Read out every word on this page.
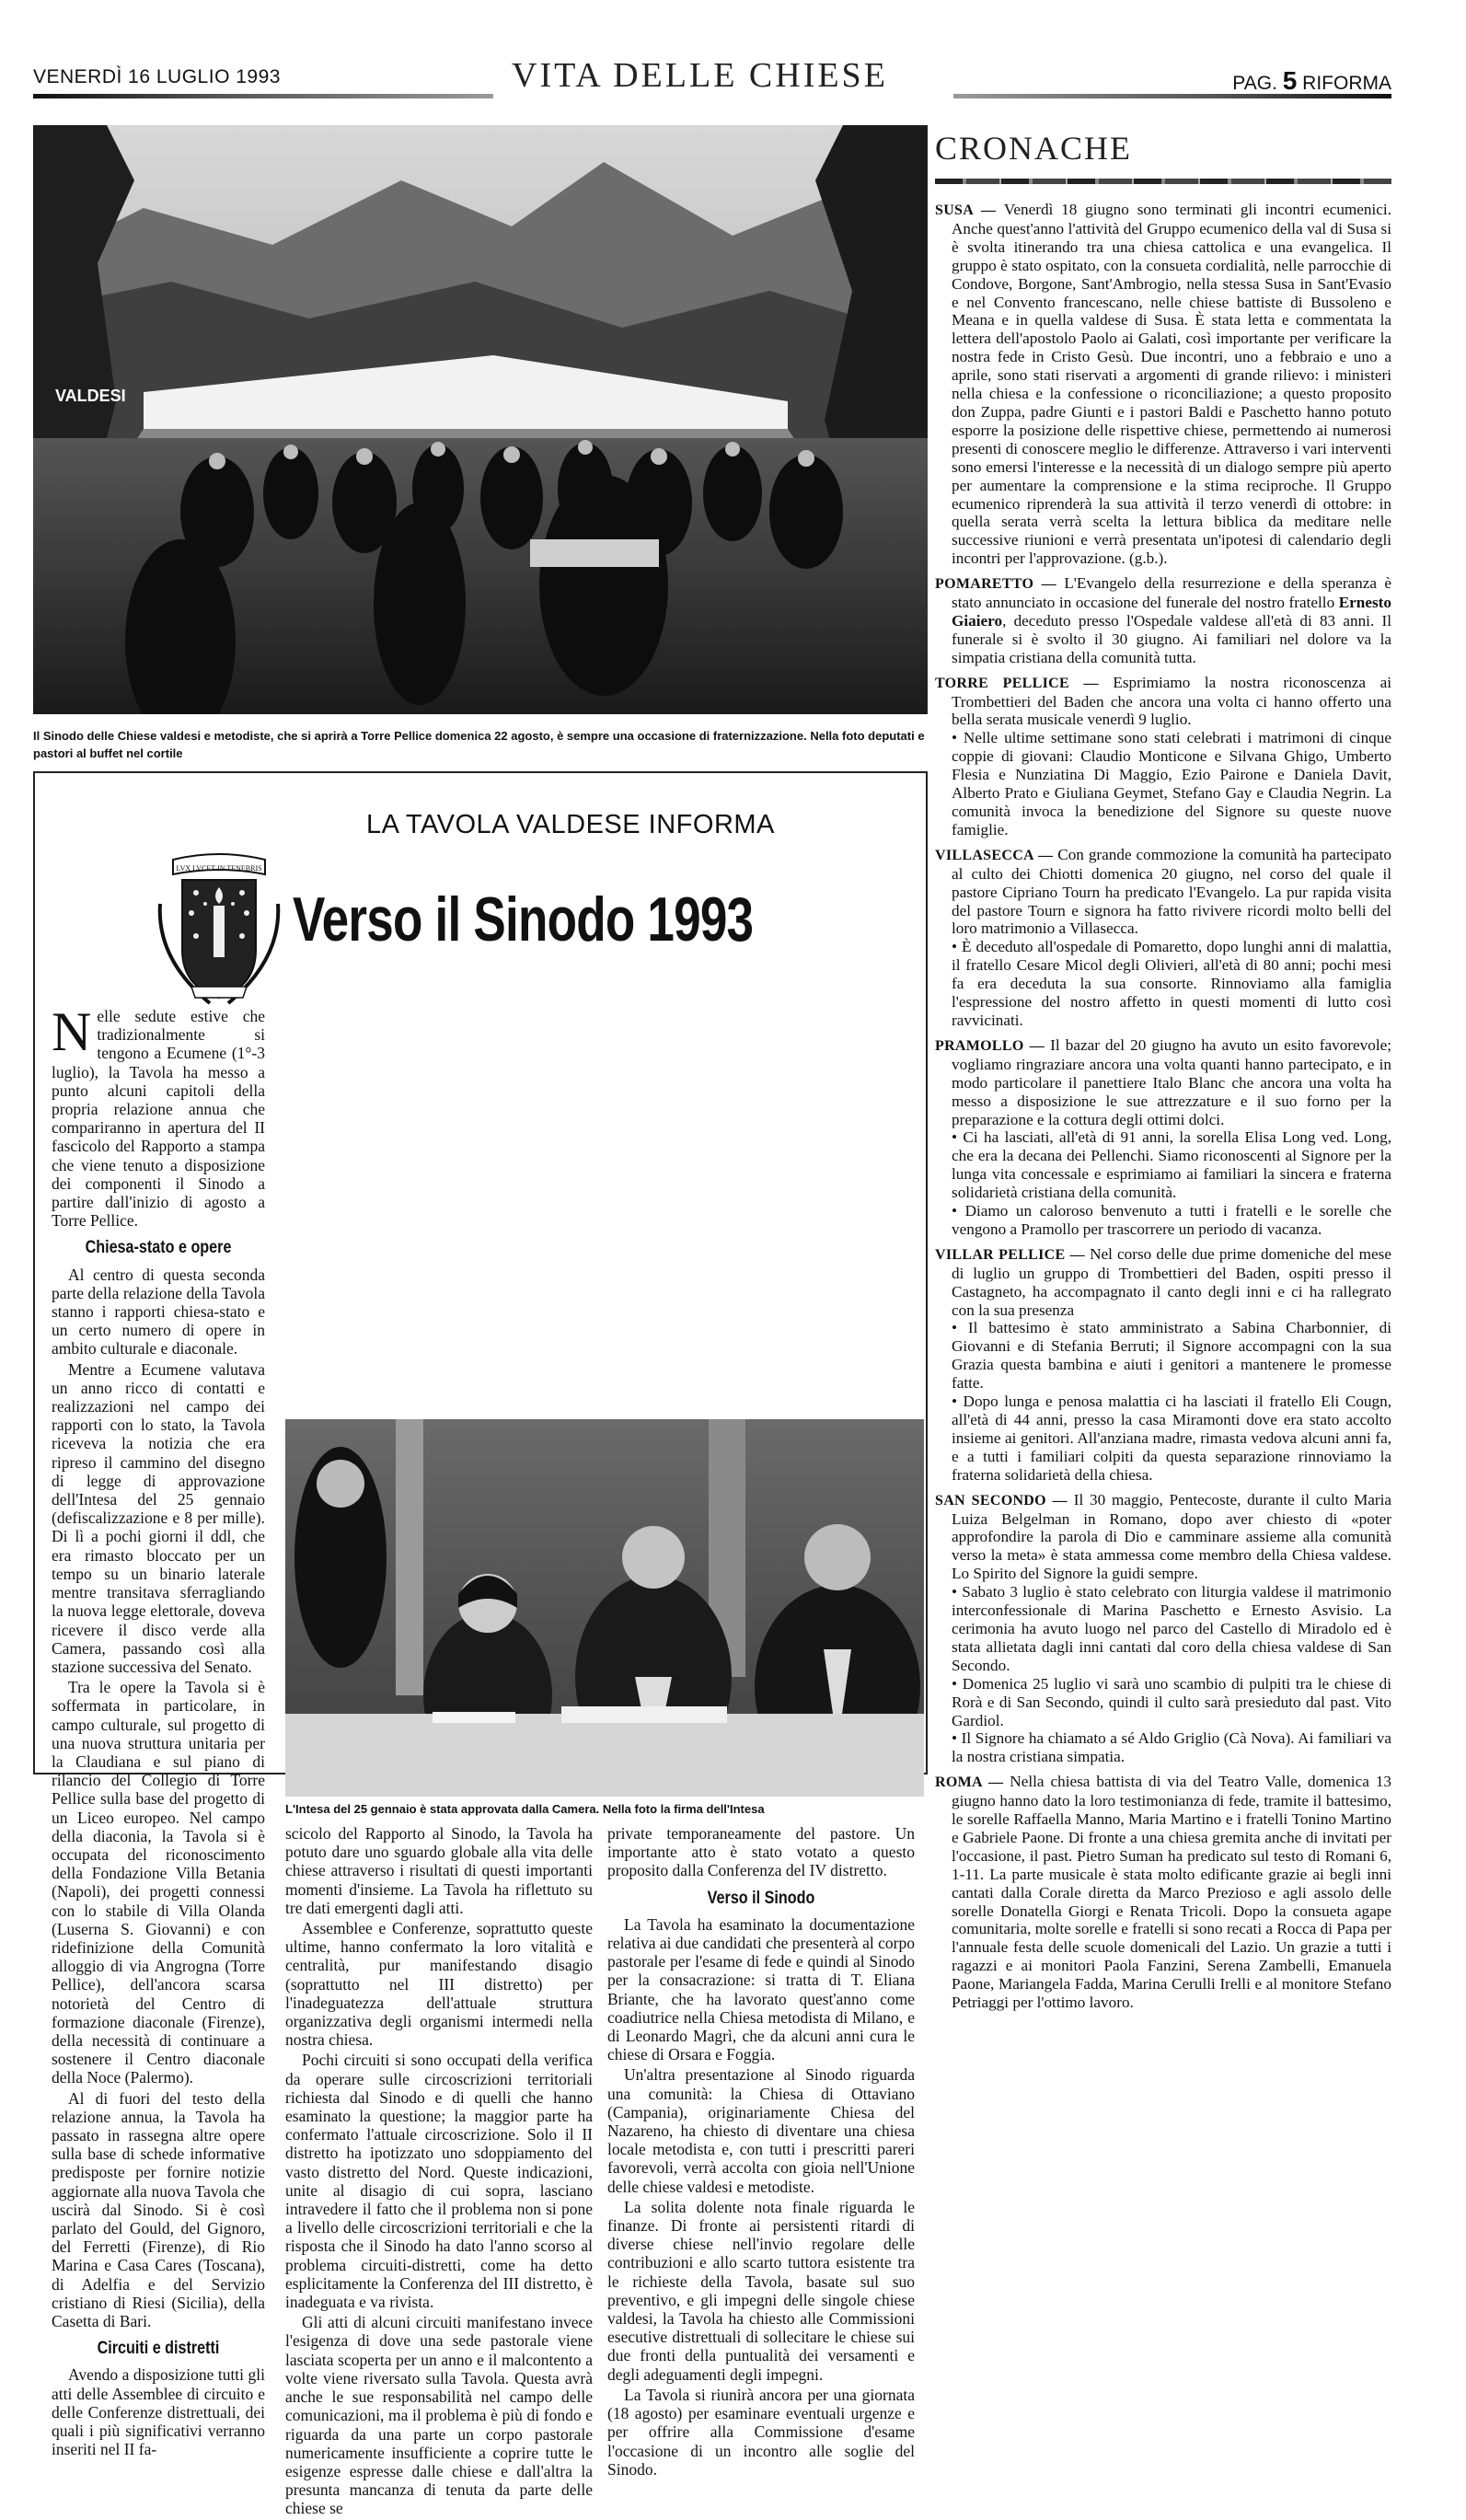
VENERDÌ 16 LUGLIO 1993	VITA DELLE CHIESE	PAG. 5 RIFORMA
VALDESI
Il Sinodo delle Chiese valdesi e metodiste, che si aprirà a Torre Pellice domenica 22 agosto, è sempre una occasione di fraternizzazione. Nella foto deputati e pastori al buffet nel cortile
LA TAVOLA VALDESE INFORMA
LVX LVCET IN TENEBRIS
Verso il Sinodo 1993

Nelle sedute estive che tradizionalmente si tengono a Ecumene (1°-3 luglio), la Tavola ha messo a punto alcuni capitoli della propria relazione annua che compariranno in apertura del II fascicolo del Rapporto a stampa che viene tenuto a disposizione dei componenti il Sinodo a partire dall'inizio di agosto a Torre Pellice.

Chiesa-stato e opere

Al centro di questa seconda parte della relazione della Tavola stanno i rapporti chiesa-stato e un certo numero di opere in ambito culturale e diaconale.

Mentre a Ecumene valutava un anno ricco di contatti e realizzazioni nel campo dei rapporti con lo stato, la Tavola riceveva la notizia che era ripreso il cammino del disegno di legge di approvazione dell'Intesa del 25 gennaio (defiscalizzazione e 8 per mille). Di lì a pochi giorni il ddl, che era rimasto bloccato per un tempo su un binario laterale mentre transitava sferragliando la nuova legge elettorale, doveva ricevere il disco verde alla Camera, passando così alla stazione successiva del Senato.

Tra le opere la Tavola si è soffermata in particolare, in campo culturale, sul progetto di una nuova struttura unitaria per la Claudiana e sul piano di rilancio del Collegio di Torre Pellice sulla base del progetto di un Liceo europeo. Nel campo della diaconia, la Tavola si è occupata del riconoscimento della Fondazione Villa Betania (Napoli), dei progetti connessi con lo stabile di Villa Olanda (Luserna S. Giovanni) e con ridefinizione della Comunità alloggio di via Angrogna (Torre Pellice), dell'ancora scarsa notorietà del Centro di formazione diaconale (Firenze), della necessità di continuare a sostenere il Centro diaconale della Noce (Palermo).

Al di fuori del testo della relazione annua, la Tavola ha passato in rassegna altre opere sulla base di schede informative predisposte per fornire notizie aggiornate alla nuova Tavola che uscirà dal Sinodo. Si è così parlato del Gould, del Gignoro, del Ferretti (Firenze), di Rio Marina e Casa Cares (Toscana), di Adelfia e del Servizio cristiano di Riesi (Sicilia), della Casetta di Bari.

Circuiti e distretti

Avendo a disposizione tutti gli atti delle Assemblee di circuito e delle Conferenze distrettuali, dei quali i più significativi verranno inseriti nel II fa-

L'Intesa del 25 gennaio è stata approvata dalla Camera. Nella foto la firma dell'Intesa

scicolo del Rapporto al Sinodo, la Tavola ha potuto dare uno sguardo globale alla vita delle chiese attraverso i risultati di questi importanti momenti d'insieme. La Tavola ha riflettuto su tre dati emergenti dagli atti.

Assemblee e Conferenze, soprattutto queste ultime, hanno confermato la loro vitalità e centralità, pur manifestando disagio (soprattutto nel III distretto) per l'inadeguatezza dell'attuale struttura organizzativa degli organismi intermedi nella nostra chiesa.

Pochi circuiti si sono occupati della verifica da operare sulle circoscrizioni territoriali richiesta dal Sinodo e di quelli che hanno esaminato la questione; la maggior parte ha confermato l'attuale circoscrizione. Solo il II distretto ha ipotizzato uno sdoppiamento del vasto distretto del Nord. Queste indicazioni, unite al disagio di cui sopra, lasciano intravedere il fatto che il problema non si pone a livello delle circoscrizioni territoriali e che la risposta che il Sinodo ha dato l'anno scorso al problema circuiti-distretti, come ha detto esplicitamente la Conferenza del III distretto, è inadeguata e va rivista.

Gli atti di alcuni circuiti manifestano invece l'esigenza di dove una sede pastorale viene lasciata scoperta per un anno e il malcontento a volte viene riversato sulla Tavola. Questa avrà anche le sue responsabilità nel campo delle comunicazioni, ma il problema è più di fondo e riguarda da una parte un corpo pastorale numericamente insufficiente a coprire tutte le esigenze espresse dalle chiese e dall'altra la presunta mancanza di tenuta da parte delle chiese se

private temporaneamente del pastore. Un importante atto è stato votato a questo proposito dalla Conferenza del IV distretto.

Verso il Sinodo

La Tavola ha esaminato la documentazione relativa ai due candidati che presenterà al corpo pastorale per l'esame di fede e quindi al Sinodo per la consacrazione: si tratta di T. Eliana Briante, che ha lavorato quest'anno come coadiutrice nella Chiesa metodista di Milano, e di Leonardo Magrì, che da alcuni anni cura le chiese di Orsara e Foggia.

Un'altra presentazione al Sinodo riguarda una comunità: la Chiesa di Ottaviano (Campania), originariamente Chiesa del Nazareno, ha chiesto di diventare una chiesa locale metodista e, con tutti i prescritti pareri favorevoli, verrà accolta con gioia nell'Unione delle chiese valdesi e metodiste.

La solita dolente nota finale riguarda le finanze. Di fronte ai persistenti ritardi di diverse chiese nell'invio regolare delle contribuzioni e allo scarto tuttora esistente tra le richieste della Tavola, basate sul suo preventivo, e gli impegni delle singole chiese valdesi, la Tavola ha chiesto alle Commissioni esecutive distrettuali di sollecitare le chiese sui due fronti della puntualità dei versamenti e degli adeguamenti degli impegni.

La Tavola si riunirà ancora per una giornata (18 agosto) per esaminare eventuali urgenze e per offrire alla Commissione d'esame l'occasione di un incontro alle soglie del Sinodo.

CRONACHE

SUSA — Venerdì 18 giugno sono terminati gli incontri ecumenici. Anche quest'anno l'attività del Gruppo ecumenico della val di Susa si è svolta itinerando tra una chiesa cattolica e una evangelica. Il gruppo è stato ospitato, con la consueta cordialità, nelle parrocchie di Condove, Borgone, Sant'Ambrogio, nella stessa Susa in Sant'Evasio e nel Convento francescano, nelle chiese battiste di Bussoleno e Meana e in quella valdese di Susa. È stata letta e commentata la lettera dell'apostolo Paolo ai Galati, così importante per verificare la nostra fede in Cristo Gesù. Due incontri, uno a febbraio e uno a aprile, sono stati riservati a argomenti di grande rilievo: i ministeri nella chiesa e la confessione o riconciliazione; a questo proposito don Zuppa, padre Giunti e i pastori Baldi e Paschetto hanno potuto esporre la posizione delle rispettive chiese, permettendo ai numerosi presenti di conoscere meglio le differenze. Attraverso i vari interventi sono emersi l'interesse e la necessità di un dialogo sempre più aperto per aumentare la comprensione e la stima reciproche. Il Gruppo ecumenico riprenderà la sua attività il terzo venerdì di ottobre: in quella serata verrà scelta la lettura biblica da meditare nelle successive riunioni e verrà presentata un'ipotesi di calendario degli incontri per l'approvazione. (g.b.).

POMARETTO — L'Evangelo della resurrezione e della speranza è stato annunciato in occasione del funerale del nostro fratello Ernesto Giaiero, deceduto presso l'Ospedale valdese all'età di 83 anni. Il funerale si è svolto il 30 giugno. Ai familiari nel dolore va la simpatia cristiana della comunità tutta.

TORRE PELLICE — Esprimiamo la nostra riconoscenza ai Trombettieri del Baden che ancora una volta ci hanno offerto una bella serata musicale venerdì 9 luglio.
• Nelle ultime settimane sono stati celebrati i matrimoni di cinque coppie di giovani: Claudio Monticone e Silvana Ghigo, Umberto Flesia e Nunziatina Di Maggio, Ezio Pairone e Daniela Davit, Alberto Prato e Giuliana Geymet, Stefano Gay e Claudia Negrin. La comunità invoca la benedizione del Signore su queste nuove famiglie.

VILLASECCA — Con grande commozione la comunità ha partecipato al culto dei Chiotti domenica 20 giugno, nel corso del quale il pastore Cipriano Tourn ha predicato l'Evangelo. La pur rapida visita del pastore Tourn e signora ha fatto rivivere ricordi molto belli del loro matrimonio a Villasecca.
• È deceduto all'ospedale di Pomaretto, dopo lunghi anni di malattia, il fratello Cesare Micol degli Olivieri, all'età di 80 anni; pochi mesi fa era deceduta la sua consorte. Rinnoviamo alla famiglia l'espressione del nostro affetto in questi momenti di lutto così ravvicinati.

PRAMOLLO — Il bazar del 20 giugno ha avuto un esito favorevole; vogliamo ringraziare ancora una volta quanti hanno partecipato, e in modo particolare il panettiere Italo Blanc che ancora una volta ha messo a disposizione le sue attrezzature e il suo forno per la preparazione e la cottura degli ottimi dolci.
• Ci ha lasciati, all'età di 91 anni, la sorella Elisa Long ved. Long, che era la decana dei Pellenchi. Siamo riconoscenti al Signore per la lunga vita concessale e esprimiamo ai familiari la sincera e fraterna solidarietà cristiana della comunità.
• Diamo un caloroso benvenuto a tutti i fratelli e le sorelle che vengono a Pramollo per trascorrere un periodo di vacanza.

VILLAR PELLICE — Nel corso delle due prime domeniche del mese di luglio un gruppo di Trombettieri del Baden, ospiti presso il Castagneto, ha accompagnato il canto degli inni e ci ha rallegrato con la sua presenza
• Il battesimo è stato amministrato a Sabina Charbonnier, di Giovanni e di Stefania Berruti; il Signore accompagni con la sua Grazia questa bambina e aiuti i genitori a mantenere le promesse fatte.
• Dopo lunga e penosa malattia ci ha lasciati il fratello Eli Cougn, all'età di 44 anni, presso la casa Miramonti dove era stato accolto insieme ai genitori. All'anziana madre, rimasta vedova alcuni anni fa, e a tutti i familiari colpiti da questa separazione rinnoviamo la fraterna solidarietà della chiesa.

SAN SECONDO — Il 30 maggio, Pentecoste, durante il culto Maria Luiza Belgelman in Romano, dopo aver chiesto di «poter approfondire la parola di Dio e camminare assieme alla comunità verso la meta» è stata ammessa come membro della Chiesa valdese. Lo Spirito del Signore la guidi sempre.
• Sabato 3 luglio è stato celebrato con liturgia valdese il matrimonio interconfessionale di Marina Paschetto e Ernesto Asvisio. La cerimonia ha avuto luogo nel parco del Castello di Miradolo ed è stata allietata dagli inni cantati dal coro della chiesa valdese di San Secondo.
• Domenica 25 luglio vi sarà uno scambio di pulpiti tra le chiese di Rorà e di San Secondo, quindi il culto sarà presieduto dal past. Vito Gardiol.
• Il Signore ha chiamato a sé Aldo Griglio (Cà Nova). Ai familiari va la nostra cristiana simpatia.

ROMA — Nella chiesa battista di via del Teatro Valle, domenica 13 giugno hanno dato la loro testimonianza di fede, tramite il battesimo, le sorelle Raffaella Manno, Maria Martino e i fratelli Tonino Martino e Gabriele Paone. Di fronte a una chiesa gremita anche di invitati per l'occasione, il past. Pietro Suman ha predicato sul testo di Romani 6, 1-11. La parte musicale è stata molto edificante grazie ai begli inni cantati dalla Corale diretta da Marco Prezioso e agli assolo delle sorelle Donatella Giorgi e Renata Tricoli. Dopo la consueta agape comunitaria, molte sorelle e fratelli si sono recati a Rocca di Papa per l'annuale festa delle scuole domenicali del Lazio. Un grazie a tutti i ragazzi e ai monitori Paola Fanzini, Serena Zambelli, Emanuela Paone, Mariangela Fadda, Marina Cerulli Irelli e al monitore Stefano Petriaggi per l'ottimo lavoro.
